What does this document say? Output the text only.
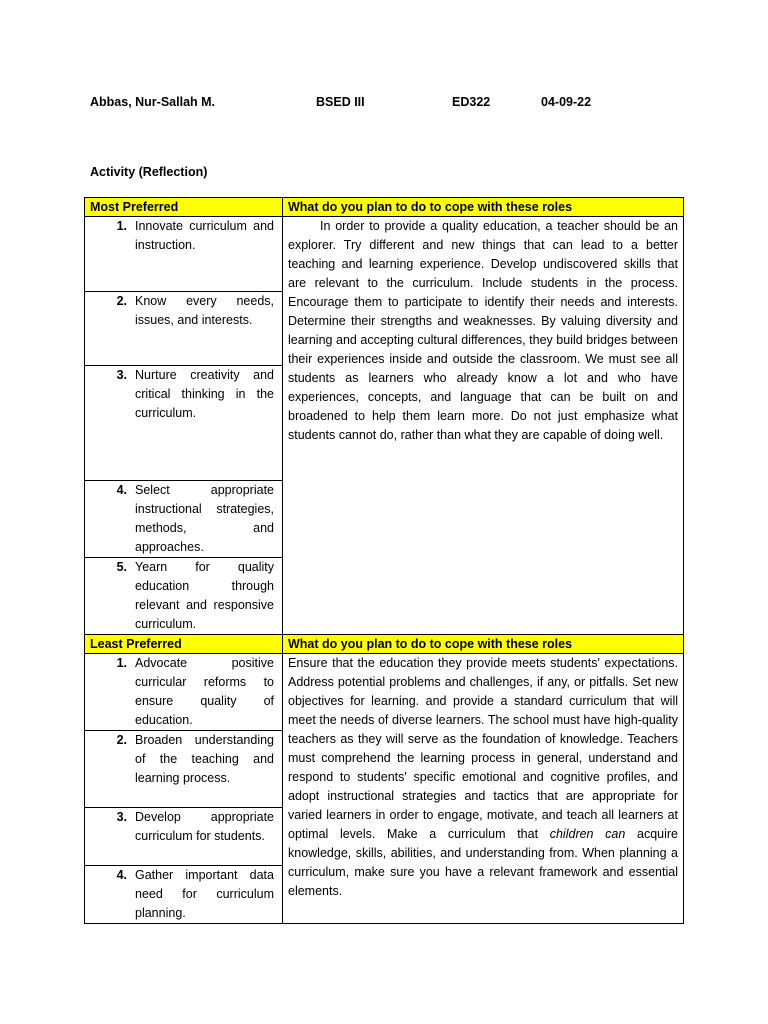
Abbas, Nur-Sallah M.	BSED III	ED322	04-09-22
Activity (Reflection)
Most Preferred	What do you plan to do to cope with these roles

1. Innovate curriculum and instruction.	In order to provide a quality education, a teacher should be an explorer. Try different and new things that can lead to a better teaching and learning experience. Develop undiscovered skills that are relevant to the curriculum. Include students in the process. Encourage them to participate to identify their needs and interests. Determine their strengths and weaknesses. By valuing diversity and learning and accepting cultural differences, they build bridges between their experiences inside and outside the classroom. We must see all students as learners who already know a lot and who have experiences, concepts, and language that can be built on and broadened to help them learn more. Do not just emphasize what students cannot do, rather than what they are capable of doing well.

2. Know every needs, issues, and interests.	

3. Nurture creativity and critical thinking in the curriculum.	

4. Select appropriate instructional strategies, methods, and approaches.	

5. Yearn for quality education through relevant and responsive curriculum.	

Least Preferred	What do you plan to do to cope with these roles

1. Advocate positive curricular reforms to ensure quality of education.	Ensure that the education they provide meets students' expectations. Address potential problems and challenges, if any, or pitfalls. Set new objectives for learning. and provide a standard curriculum that will meet the needs of diverse learners. The school must have high-quality teachers as they will serve as the foundation of knowledge. Teachers must comprehend the learning process in general, understand and respond to students' specific emotional and cognitive profiles, and adopt instructional strategies and tactics that are appropriate for varied learners in order to engage, motivate, and teach all learners at optimal levels. Make a curriculum that children can acquire knowledge, skills, abilities, and understanding from. When planning a curriculum, make sure you have a relevant framework and essential elements.

2. Broaden understanding of the teaching and learning process.	

3. Develop appropriate curriculum for students.	

4. Gather important data need for curriculum planning.	
